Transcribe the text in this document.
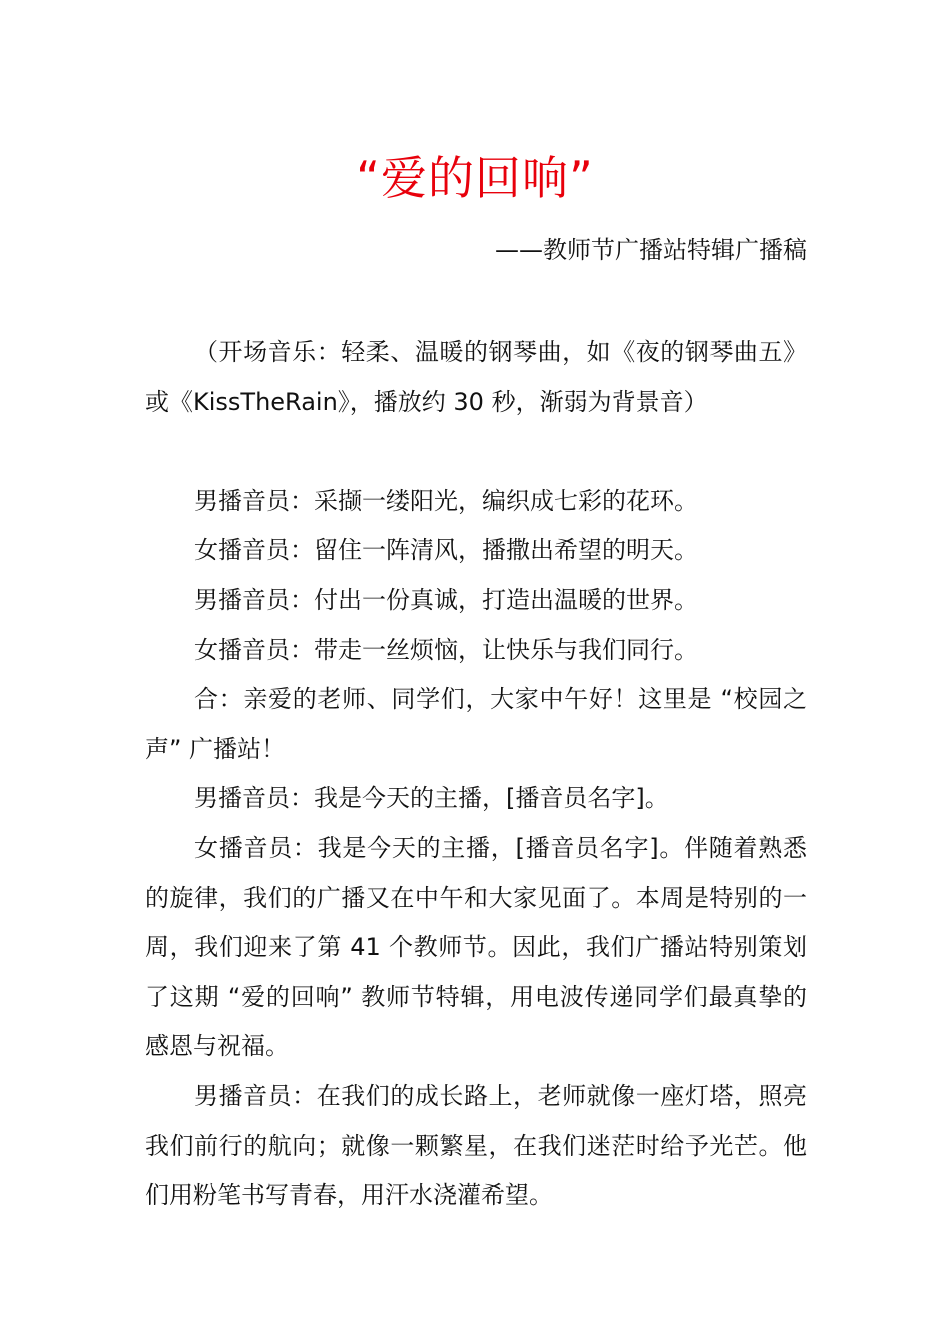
“爱的回响”
——教师节广播站特辑广播稿

（开场音乐：轻柔、温暖的钢琴曲，如《夜的钢琴曲五》或《KissTheRain》，播放约 30 秒，渐弱为背景音）

男播音员：采撷一缕阳光，编织成七彩的花环。

女播音员：留住一阵清风，播撒出希望的明天。

男播音员：付出一份真诚，打造出温暖的世界。

女播音员：带走一丝烦恼，让快乐与我们同行。

合：亲爱的老师、同学们，大家中午好！这里是 “校园之声” 广播站！

男播音员：我是今天的主播，[播音员名字]。

女播音员：我是今天的主播，[播音员名字]。伴随着熟悉的旋律，我们的广播又在中午和大家见面了。本周是特别的一周，我们迎来了第 41 个教师节。因此，我们广播站特别策划了这期 “爱的回响” 教师节特辑，用电波传递同学们最真挚的感恩与祝福。

男播音员：在我们的成长路上，老师就像一座灯塔，照亮我们前行的航向；就像一颗繁星，在我们迷茫时给予光芒。他们用粉笔书写青春，用汗水浇灌希望。
